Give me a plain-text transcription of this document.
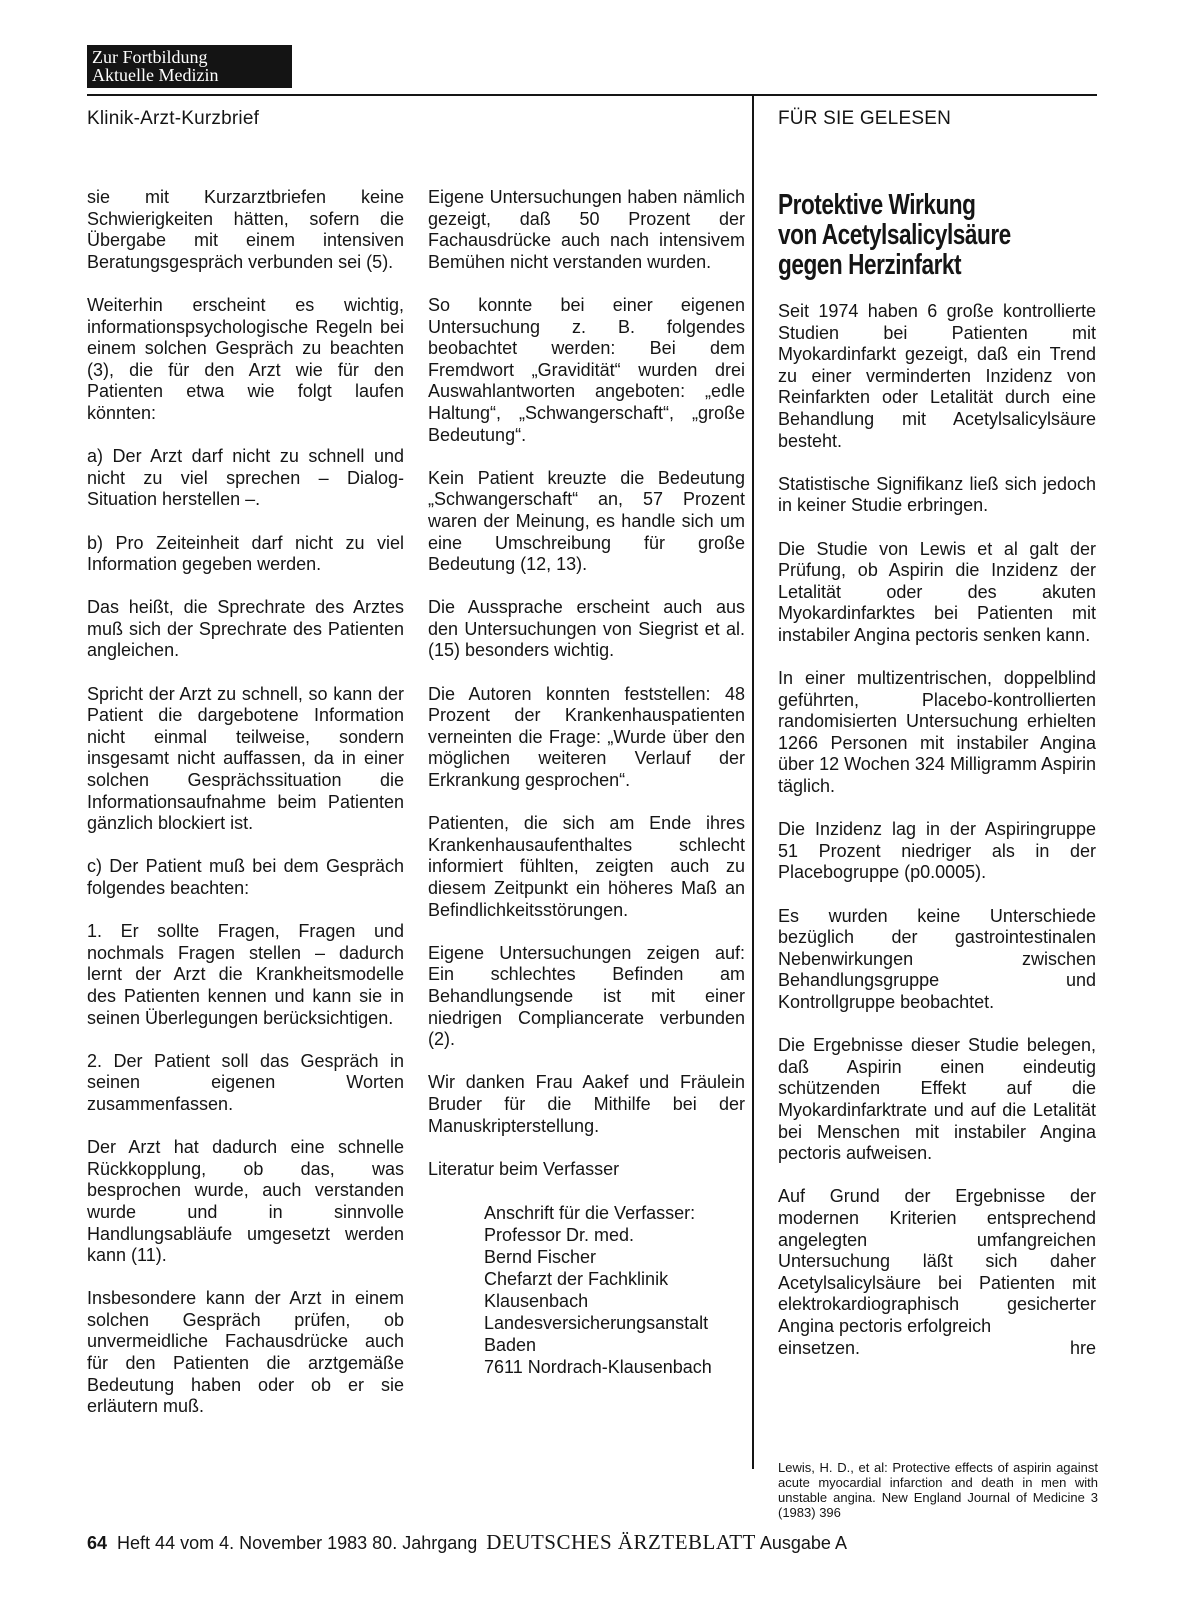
Zur Fortbildung
Aktuelle Medizin
Klinik-Arzt-Kurzbrief	FÜR SIE GELESEN

sie mit Kurzarztbriefen keine Schwierigkeiten hätten, sofern die Übergabe mit einem intensiven Beratungsgespräch verbunden sei (5).

Weiterhin erscheint es wichtig, informationspsychologische Regeln bei einem solchen Gespräch zu beachten (3), die für den Arzt wie für den Patienten etwa wie folgt laufen könnten:

a) Der Arzt darf nicht zu schnell und nicht zu viel sprechen – Dialog-Situation herstellen –.

b) Pro Zeiteinheit darf nicht zu viel Information gegeben werden.

Das heißt, die Sprechrate des Arztes muß sich der Sprechrate des Patienten angleichen.

Spricht der Arzt zu schnell, so kann der Patient die dargebotene Information nicht einmal teilweise, sondern insgesamt nicht auffassen, da in einer solchen Gesprächssituation die Informationsaufnahme beim Patienten gänzlich blockiert ist.

c) Der Patient muß bei dem Gespräch folgendes beachten:

1. Er sollte Fragen, Fragen und nochmals Fragen stellen – dadurch lernt der Arzt die Krankheitsmodelle des Patienten kennen und kann sie in seinen Überlegungen berücksichtigen.

2. Der Patient soll das Gespräch in seinen eigenen Worten zusammenfassen.

Der Arzt hat dadurch eine schnelle Rückkopplung, ob das, was besprochen wurde, auch verstanden wurde und in sinnvolle Handlungsabläufe umgesetzt werden kann (11).

Insbesondere kann der Arzt in einem solchen Gespräch prüfen, ob unvermeidliche Fachausdrücke auch für den Patienten die arztgemäße Bedeutung haben oder ob er sie erläutern muß.

Eigene Untersuchungen haben nämlich gezeigt, daß 50 Prozent der Fachausdrücke auch nach intensivem Bemühen nicht verstanden wurden.

So konnte bei einer eigenen Untersuchung z. B. folgendes beobachtet werden: Bei dem Fremdwort „Gravidität“ wurden drei Auswahlantworten angeboten: „edle Haltung“, „Schwangerschaft“, „große Bedeutung“.

Kein Patient kreuzte die Bedeutung „Schwangerschaft“ an, 57 Prozent waren der Meinung, es handle sich um eine Umschreibung für große Bedeutung (12, 13).

Die Aussprache erscheint auch aus den Untersuchungen von Siegrist et al. (15) besonders wichtig.

Die Autoren konnten feststellen: 48 Prozent der Krankenhauspatienten verneinten die Frage: „Wurde über den möglichen weiteren Verlauf der Erkrankung gesprochen“.

Patienten, die sich am Ende ihres Krankenhausaufenthaltes schlecht informiert fühlten, zeigten auch zu diesem Zeitpunkt ein höheres Maß an Befindlichkeitsstörungen.

Eigene Untersuchungen zeigen auf: Ein schlechtes Befinden am Behandlungsende ist mit einer niedrigen Compliancerate verbunden (2).

Wir danken Frau Aakef und Fräulein Bruder für die Mithilfe bei der Manuskripterstellung.

Literatur beim Verfasser

Anschrift für die Verfasser:
Professor Dr. med.
Bernd Fischer
Chefarzt der Fachklinik
Klausenbach
Landesversicherungsanstalt
Baden
7611 Nordrach-Klausenbach
Protektive Wirkung
von Acetylsalicylsäure
gegen Herzinfarkt

Seit 1974 haben 6 große kontrollierte Studien bei Patienten mit Myokardinfarkt gezeigt, daß ein Trend zu einer verminderten Inzidenz von Reinfarkten oder Letalität durch eine Behandlung mit Acetylsalicylsäure besteht.

Statistische Signifikanz ließ sich jedoch in keiner Studie erbringen.

Die Studie von Lewis et al galt der Prüfung, ob Aspirin die Inzidenz der Letalität oder des akuten Myokardinfarktes bei Patienten mit instabiler Angina pectoris senken kann.

In einer multizentrischen, doppelblind geführten, Placebo-kontrollierten randomisierten Untersuchung erhielten 1266 Personen mit instabiler Angina über 12 Wochen 324 Milligramm Aspirin täglich.

Die Inzidenz lag in der Aspiringruppe 51 Prozent niedriger als in der Placebogruppe (p0.0005).

Es wurden keine Unterschiede bezüglich der gastrointestinalen Nebenwirkungen zwischen Behandlungsgruppe und Kontrollgruppe beobachtet.

Die Ergebnisse dieser Studie belegen, daß Aspirin einen eindeutig schützenden Effekt auf die Myokardinfarktrate und auf die Letalität bei Menschen mit instabiler Angina pectoris aufweisen.

Auf Grund der Ergebnisse der modernen Kriterien entsprechend angelegten umfangreichen Untersuchung läßt sich daher Acetylsalicylsäure bei Patienten mit elektrokardiographisch gesicherter Angina pectoris erfolgreich

einsetzen.	hre
Lewis, H. D., et al: Protective effects of aspirin against acute myocardial infarction and death in men with unstable angina. New England Journal of Medicine 3 (1983) 396
64 Heft 44 vom 4. November 1983 80. Jahrgang DEUTSCHES ÄRZTEBLATT Ausgabe A
